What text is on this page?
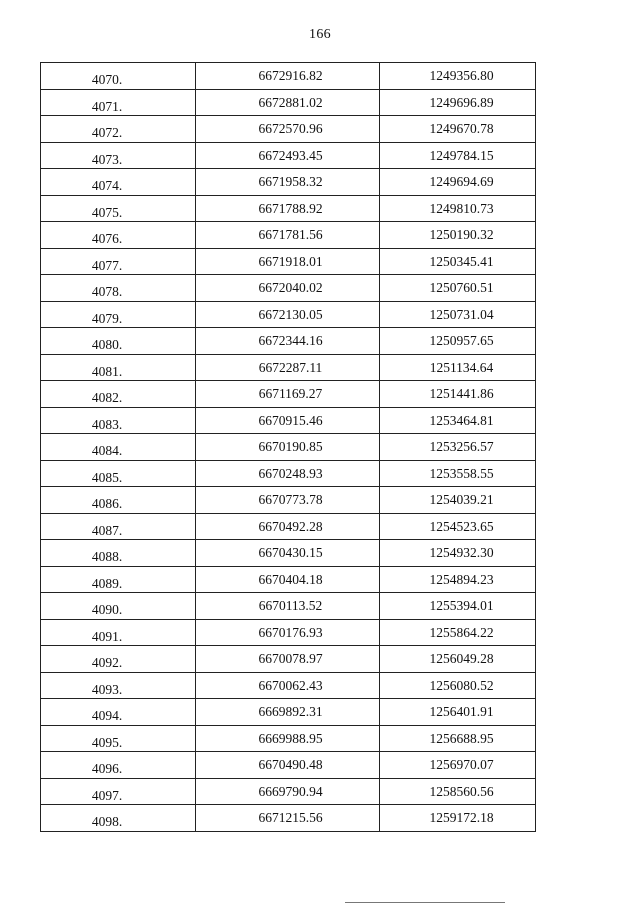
166
4070.	6672916.82	1249356.80
4071.	6672881.02	1249696.89
4072.	6672570.96	1249670.78
4073.	6672493.45	1249784.15
4074.	6671958.32	1249694.69
4075.	6671788.92	1249810.73
4076.	6671781.56	1250190.32
4077.	6671918.01	1250345.41
4078.	6672040.02	1250760.51
4079.	6672130.05	1250731.04
4080.	6672344.16	1250957.65
4081.	6672287.11	1251134.64
4082.	6671169.27	1251441.86
4083.	6670915.46	1253464.81
4084.	6670190.85	1253256.57
4085.	6670248.93	1253558.55
4086.	6670773.78	1254039.21
4087.	6670492.28	1254523.65
4088.	6670430.15	1254932.30
4089.	6670404.18	1254894.23
4090.	6670113.52	1255394.01
4091.	6670176.93	1255864.22
4092.	6670078.97	1256049.28
4093.	6670062.43	1256080.52
4094.	6669892.31	1256401.91
4095.	6669988.95	1256688.95
4096.	6670490.48	1256970.07
4097.	6669790.94	1258560.56
4098.	6671215.56	1259172.18
